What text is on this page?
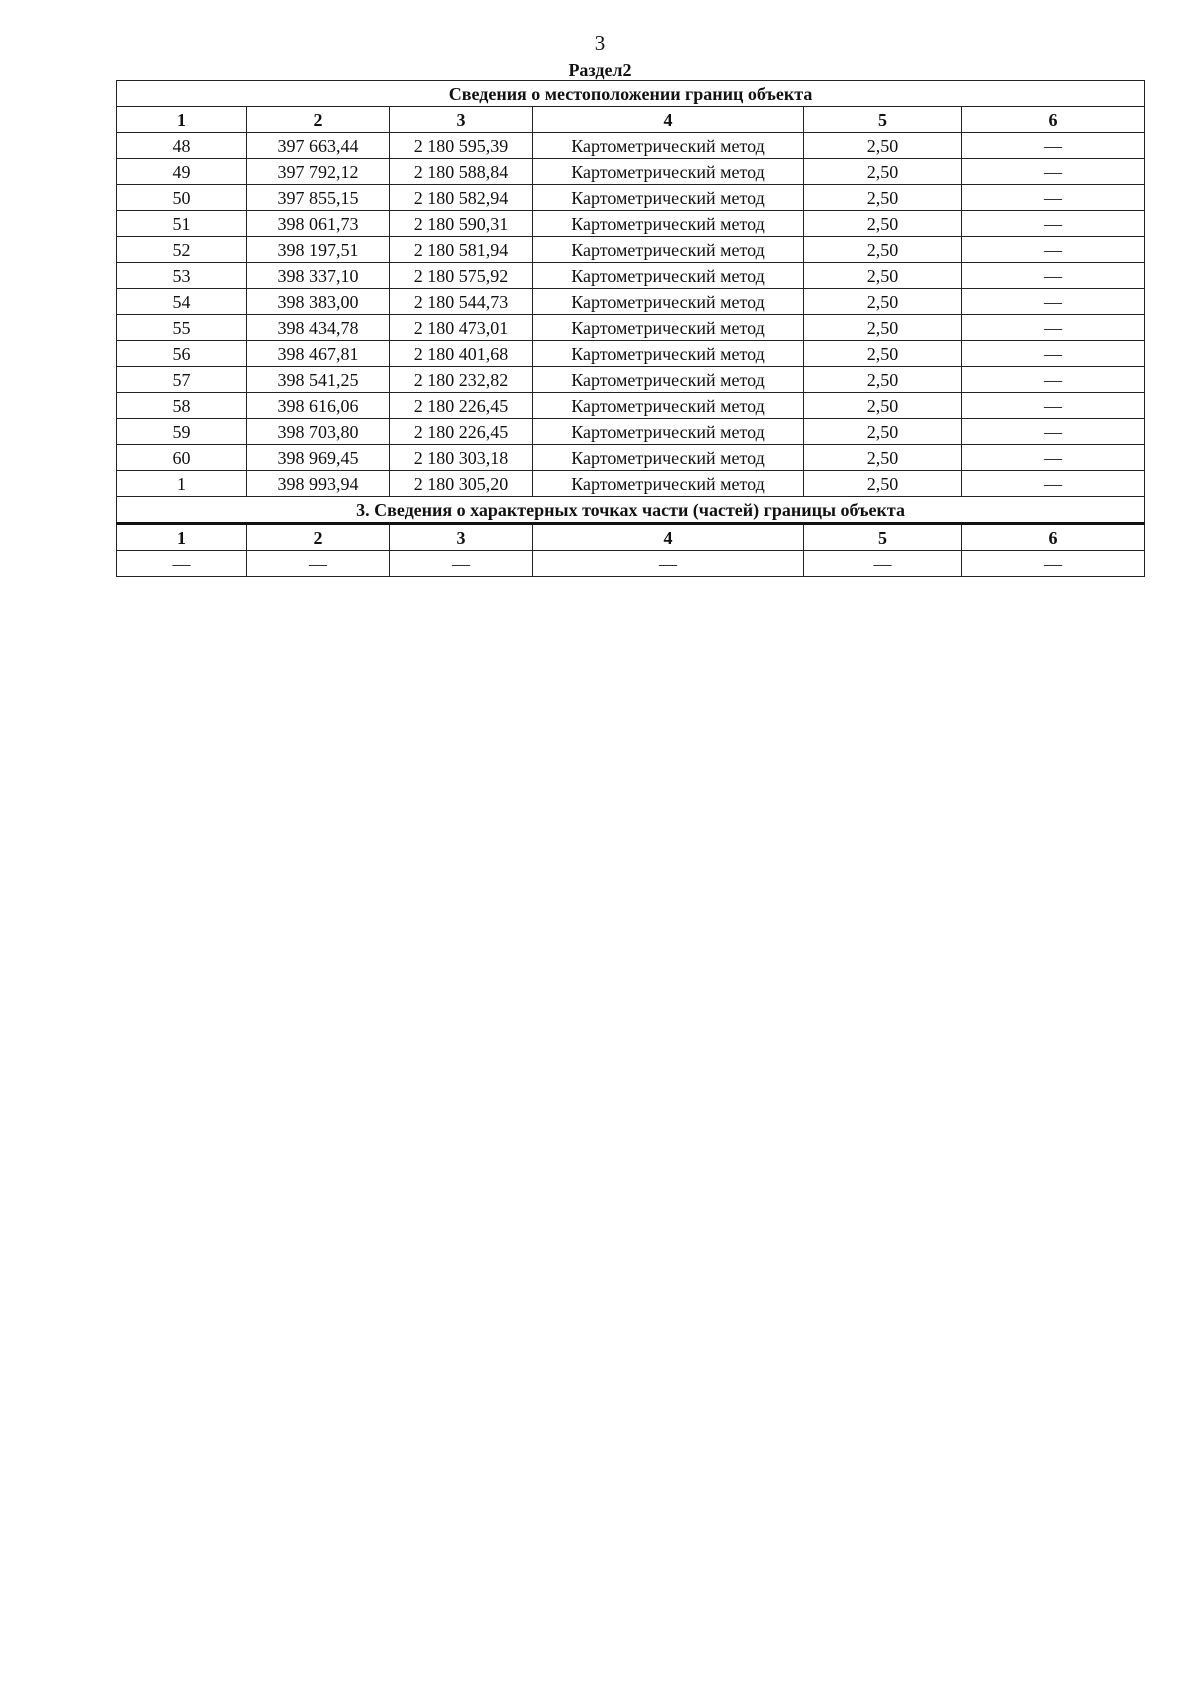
3
Раздел2
Сведения о местоположении границ объекта					
1	2	3	4	5	6
48	397 663,44	2 180 595,39	Картометрический метод	2,50	—
49	397 792,12	2 180 588,84	Картометрический метод	2,50	—
50	397 855,15	2 180 582,94	Картометрический метод	2,50	—
51	398 061,73	2 180 590,31	Картометрический метод	2,50	—
52	398 197,51	2 180 581,94	Картометрический метод	2,50	—
53	398 337,10	2 180 575,92	Картометрический метод	2,50	—
54	398 383,00	2 180 544,73	Картометрический метод	2,50	—
55	398 434,78	2 180 473,01	Картометрический метод	2,50	—
56	398 467,81	2 180 401,68	Картометрический метод	2,50	—
57	398 541,25	2 180 232,82	Картометрический метод	2,50	—
58	398 616,06	2 180 226,45	Картометрический метод	2,50	—
59	398 703,80	2 180 226,45	Картометрический метод	2,50	—
60	398 969,45	2 180 303,18	Картометрический метод	2,50	—
1	398 993,94	2 180 305,20	Картометрический метод	2,50	—
3. Сведения о характерных точках части (частей) границы объекта					
1	2	3	4	5	6
—	—	—	—	—	—
